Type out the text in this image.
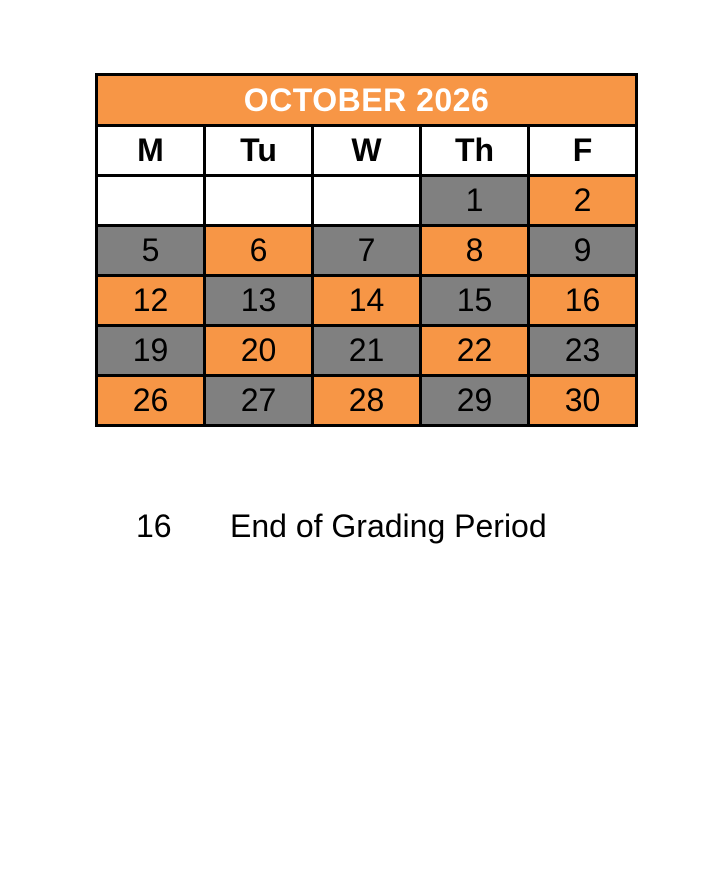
OCTOBER 2026				
M	Tu	W	Th	F
			1	2
5	6	7	8	9
12	13	14	15	16
19	20	21	22	23
26	27	28	29	30
16 End of Grading Period
